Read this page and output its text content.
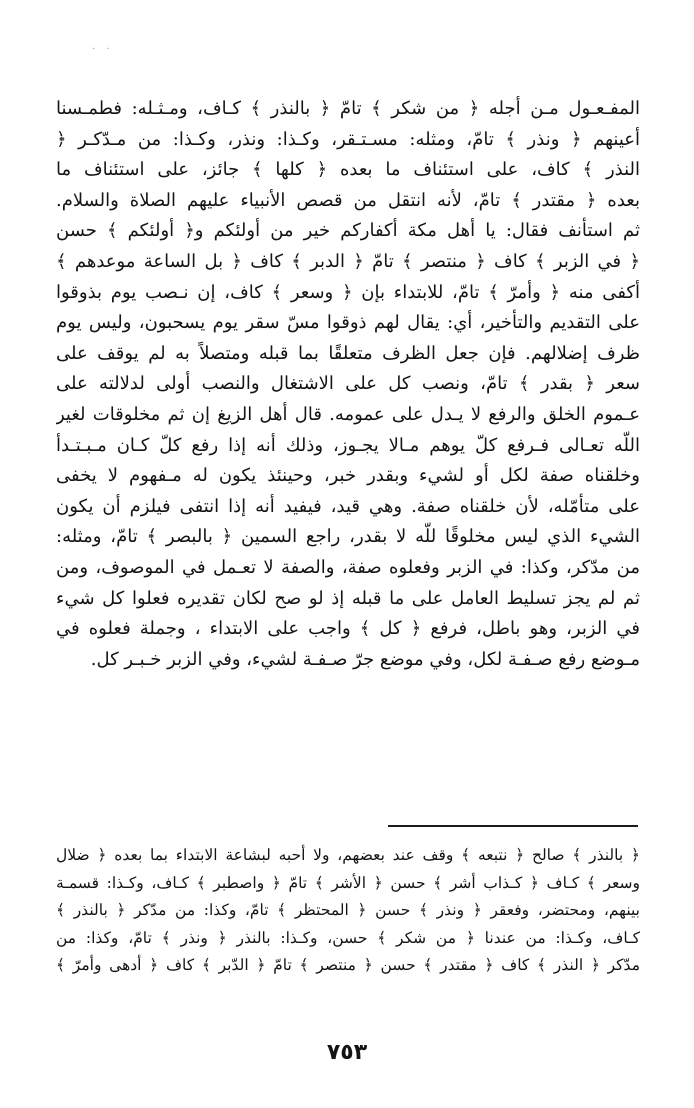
· ·
المفـعـول مـن أجله ﴿ من شكر ﴾ تامّ ﴿ بالنذر ﴾ كـاف، ومـثـله: فطمـسنا
أعينهم ﴿ ونذر ﴾ تامّ، ومثله: مسـتـقر، وكـذا: ونذر، وكـذا: من مـدّكـر ﴿
النذر ﴾ كاف، على استئناف ما بعده ﴿ كلها ﴾ جائز، على استئناف ما
بعده ﴿ مقتدر ﴾ تامّ، لأنه انتقل من قصص الأنبياء عليهم الصلاة والسلام.
ثم استأنف فقال: يا أهل مكة أكفاركم خير من أولئكم و﴿ أولئكم ﴾ حسن
﴿ في الزبر ﴾ كاف ﴿ منتصر ﴾ تامّ ﴿ الدبر ﴾ كاف ﴿ بل الساعة موعدهم ﴾
أكفى منه ﴿ وأمرّ ﴾ تامّ، للابتداء بإن ﴿ وسعر ﴾ كاف، إن نـصب يوم بذوقوا
على التقديم والتأخير، أي: يقال لهم ذوقوا مسّ سقر يوم يسحبون، وليس يوم
ظرف إضلالهم. فإن جعل الظرف متعلقًا بما قبله ومتصلاً به لم يوقف على
سعر ﴿ بقدر ﴾ تامّ، ونصب كل على الاشتغال والنصب أولى لدلالته على
عـموم الخلق والرفع لا يـدل على عمومه. قال أهل الزيغ إن ثم مخلوقات لغير
اللّه تعـالى فـرفع كلّ يوهم مـالا يجـوز، وذلك أنه إذا رفع كلّ كـان مـبـتـدأ
وخلقناه صفة لكل أو لشيء وبقدر خبر، وحينئذ يكون له مـفهوم لا يخفى
على متأمّله، لأن خلقناه صفة. وهي قيد، فيفيد أنه إذا انتفى فيلزم أن يكون
الشيء الذي ليس مخلوقًا للّه لا بقدر، راجع السمين ﴿ بالبصر ﴾ تامّ، ومثله:
من مدّكر، وكذا: في الزبر وفعلوه صفة، والصفة لا تعـمل في الموصوف، ومن
ثم لم يجز تسليط العامل على ما قبله إذ لو صح لكان تقديره فعلوا كل شيء
في الزبر، وهو باطل، فرفع ﴿ كل ﴾ واجب على الابتداء ، وجملة فعلوه في
مـوضع رفع صـفـة لكل، وفي موضع جرّ صـفـة لشيء، وفي الزبر خـبـر كل.
﴿ بالنذر ﴾ صالح ﴿ نتبعه ﴾ وقف عند بعضهم، ولا أحبه لبشاعة الابتداء بما بعده ﴿ ضلال
وسعر ﴾ كـاف ﴿ كـذاب أشر ﴾ حسن ﴿ الأشر ﴾ تامّ ﴿ واصطبر ﴾ كـاف، وكـذا: قسمـة
بينهم، ومحتضر، وفعقر ﴿ ونذر ﴾ حسن ﴿ المحتظر ﴾ تامّ، وكذا: من مدّكر ﴿ بالنذر ﴾
كـاف، وكـذا: من عندنا ﴿ من شكر ﴾ حسن، وكـذا: بالنذر ﴿ ونذر ﴾ تامّ، وكذا: من
مدّكر ﴿ النذر ﴾ كاف ﴿ مقتدر ﴾ حسن ﴿ منتصر ﴾ تامّ ﴿ الدّبر ﴾ كاف ﴿ أدهى وأمرّ ﴾
٧٥٣
